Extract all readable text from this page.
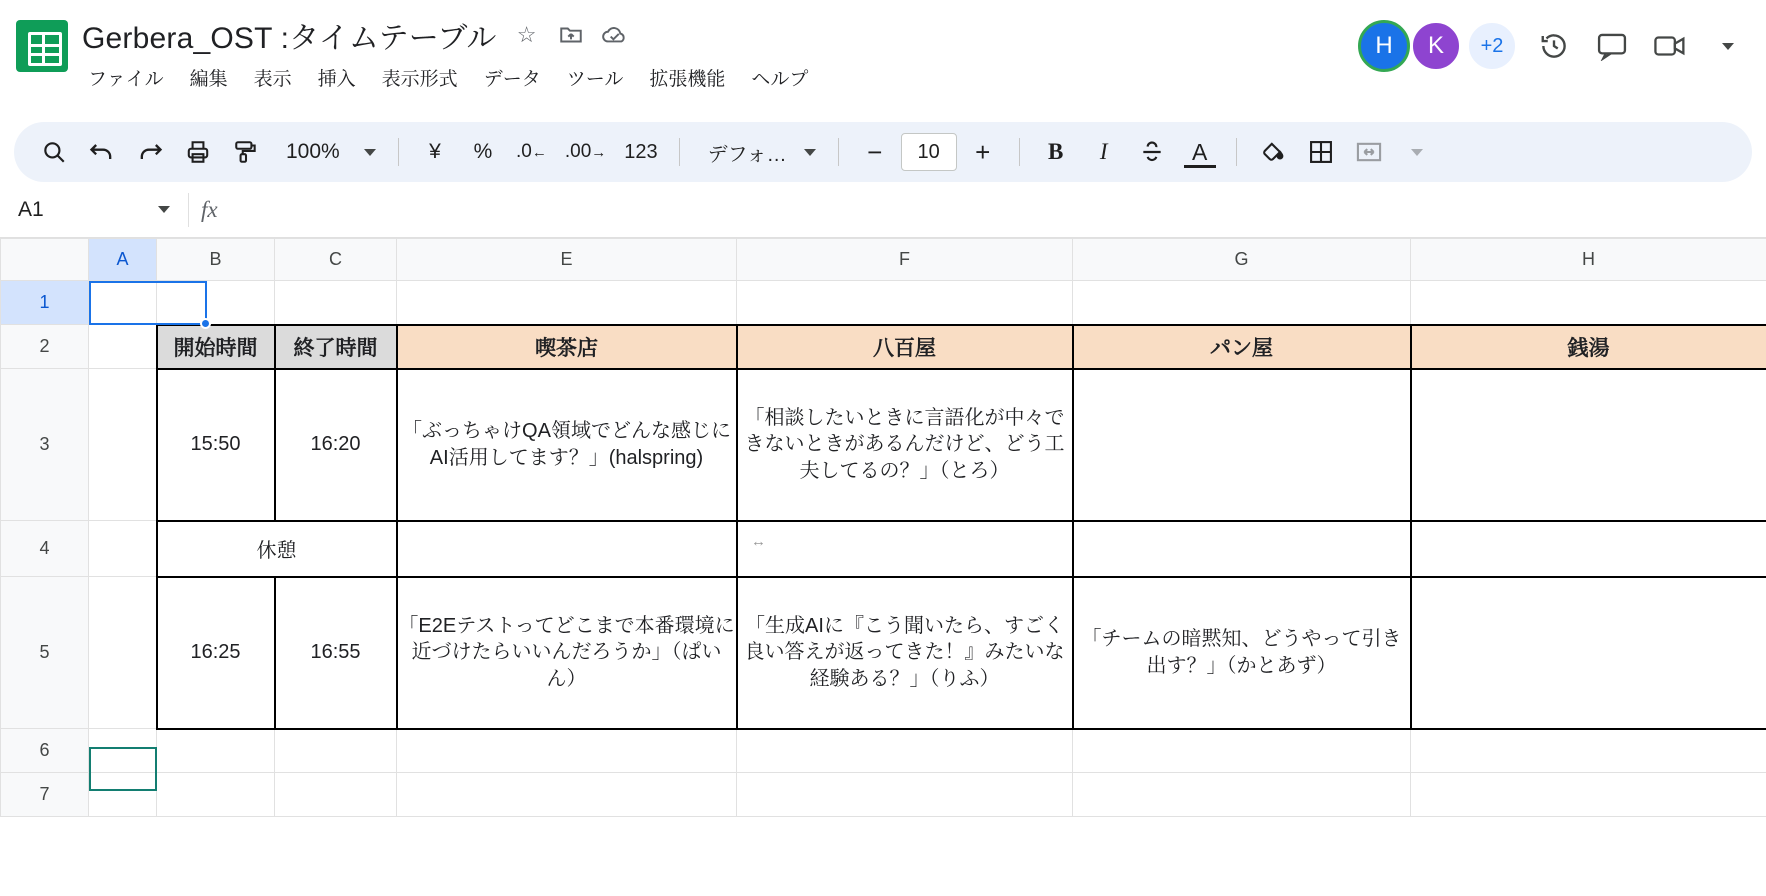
Gerbera_OST :タイムテーブル ☆
ファイル 編集 表示 挿入 表示形式 データ ツール 拡張機能 ヘルプ
H	K	+2
100%	¥	%	.0 ← .00 → 123	デフォ…	−	10	+	B	I	A
A1	fx
	A	B	C	E	F	G	H
1							
2		開始時間	終了時間	喫茶店	八百屋	パン屋	銭湯
3		15:50	16:20	「ぶっちゃけQA領域でどんな感じにAI活用してます？」(halspring)	「相談したいときに言語化が中々できないときがあるんだけど、どう工夫してるの？」（とろ）		
4		休憩					
5		16:25	16:55	「E2Eテストってどこまで本番環境に近づけたらいいんだろうか」（ぱいん）	「生成AIに『こう聞いたら、すごく良い答えが返ってきた！』みたいな経験ある？」（りふ）	「チームの暗黙知、どうやって引き出す？」（かとあず）	
6							
7							
↔
